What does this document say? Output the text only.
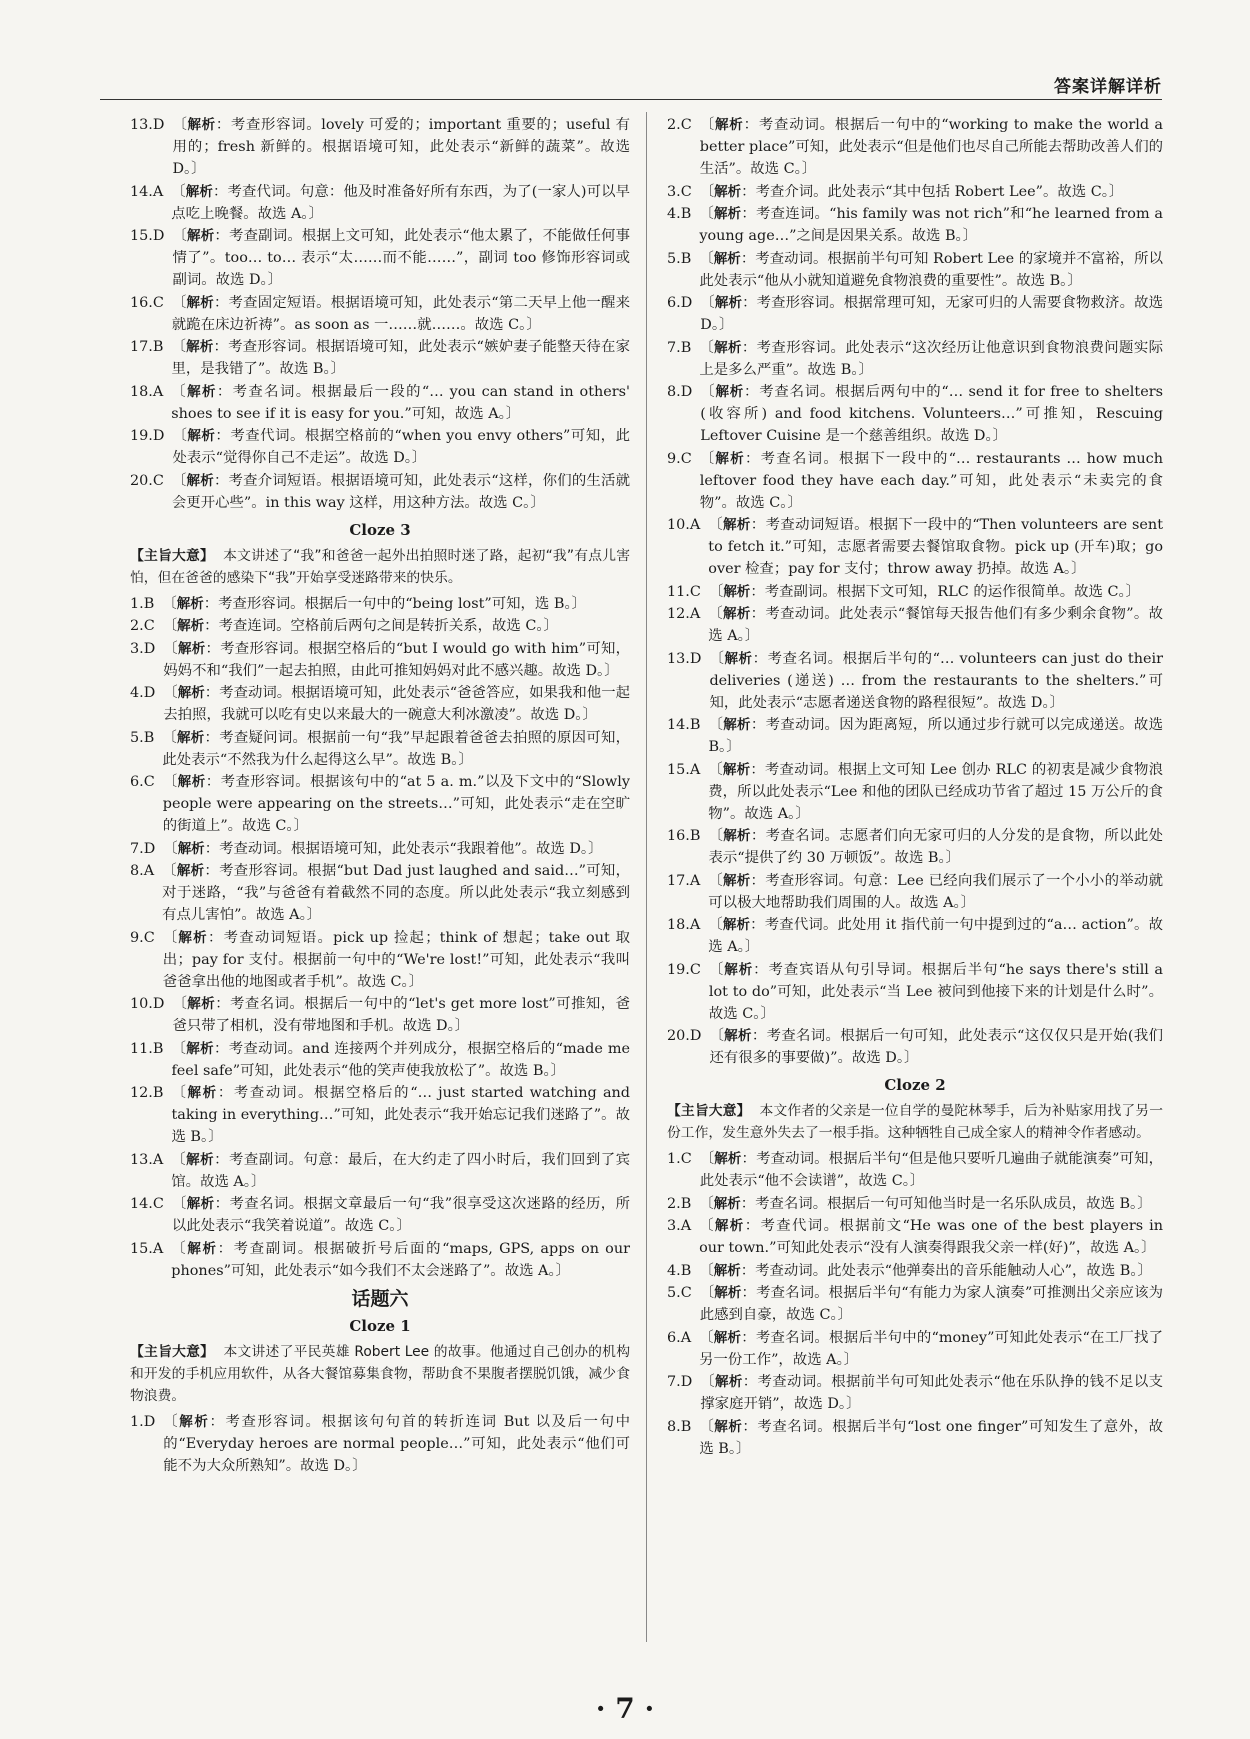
答案详解详析
13.D 〔解析：考查形容词。lovely 可爱的；important 重要的；useful 有用的；fresh 新鲜的。根据语境可知，此处表示“新鲜的蔬菜”。故选 D。〕
14.A 〔解析：考查代词。句意：他及时准备好所有东西，为了(一家人)可以早点吃上晚餐。故选 A。〕
15.D 〔解析：考查副词。根据上文可知，此处表示“他太累了，不能做任何事情了”。too… to… 表示“太……而不能……”，副词 too 修饰形容词或副词。故选 D。〕
16.C 〔解析：考查固定短语。根据语境可知，此处表示“第二天早上他一醒来就跪在床边祈祷”。as soon as 一……就……。故选 C。〕
17.B 〔解析：考查形容词。根据语境可知，此处表示“嫉妒妻子能整天待在家里，是我错了”。故选 B。〕
18.A 〔解析：考查名词。根据最后一段的“… you can stand in others' shoes to see if it is easy for you.”可知，故选 A。〕
19.D 〔解析：考查代词。根据空格前的“when you envy others”可知，此处表示“觉得你自己不走运”。故选 D。〕
20.C 〔解析：考查介词短语。根据语境可知，此处表示“这样，你们的生活就会更开心些”。in this way 这样，用这种方法。故选 C。〕
Cloze 3
【主旨大意】 本文讲述了“我”和爸爸一起外出拍照时迷了路，起初“我”有点儿害怕，但在爸爸的感染下“我”开始享受迷路带来的快乐。
1.B 〔解析：考查形容词。根据后一句中的“being lost”可知，选 B。〕
2.C 〔解析：考查连词。空格前后两句之间是转折关系，故选 C。〕
3.D 〔解析：考查形容词。根据空格后的“but I would go with him”可知，妈妈不和“我们”一起去拍照，由此可推知妈妈对此不感兴趣。故选 D。〕
4.D 〔解析：考查动词。根据语境可知，此处表示“爸爸答应，如果我和他一起去拍照，我就可以吃有史以来最大的一碗意大利冰激凌”。故选 D。〕
5.B 〔解析：考查疑问词。根据前一句“我”早起跟着爸爸去拍照的原因可知，此处表示“不然我为什么起得这么早”。故选 B。〕
6.C 〔解析：考查形容词。根据该句中的“at 5 a. m.”以及下文中的“Slowly people were appearing on the streets…”可知，此处表示“走在空旷的街道上”。故选 C。〕
7.D 〔解析：考查动词。根据语境可知，此处表示“我跟着他”。故选 D。〕
8.A 〔解析：考查形容词。根据“but Dad just laughed and said…”可知，对于迷路，“我”与爸爸有着截然不同的态度。所以此处表示“我立刻感到有点儿害怕”。故选 A。〕
9.C 〔解析：考查动词短语。pick up 捡起；think of 想起；take out 取出；pay for 支付。根据前一句中的“We're lost!”可知，此处表示“我叫爸爸拿出他的地图或者手机”。故选 C。〕
10.D 〔解析：考查名词。根据后一句中的“let's get more lost”可推知，爸爸只带了相机，没有带地图和手机。故选 D。〕
11.B 〔解析：考查动词。and 连接两个并列成分，根据空格后的“made me feel safe”可知，此处表示“他的笑声使我放松了”。故选 B。〕
12.B 〔解析：考查动词。根据空格后的“… just started watching and taking in everything…”可知，此处表示“我开始忘记我们迷路了”。故选 B。〕
13.A 〔解析：考查副词。句意：最后，在大约走了四小时后，我们回到了宾馆。故选 A。〕
14.C 〔解析：考查名词。根据文章最后一句“我”很享受这次迷路的经历，所以此处表示“我笑着说道”。故选 C。〕
15.A 〔解析：考查副词。根据破折号后面的“maps, GPS, apps on our phones”可知，此处表示“如今我们不太会迷路了”。故选 A。〕
话题六
Cloze 1
【主旨大意】 本文讲述了平民英雄 Robert Lee 的故事。他通过自己创办的机构和开发的手机应用软件，从各大餐馆募集食物，帮助食不果腹者摆脱饥饿，减少食物浪费。
1.D 〔解析：考查形容词。根据该句句首的转折连词 But 以及后一句中的“Everyday heroes are normal people…”可知，此处表示“他们可能不为大众所熟知”。故选 D。〕
2.C 〔解析：考查动词。根据后一句中的“working to make the world a better place”可知，此处表示“但是他们也尽自己所能去帮助改善人们的生活”。故选 C。〕
3.C 〔解析：考查介词。此处表示“其中包括 Robert Lee”。故选 C。〕
4.B 〔解析：考查连词。“his family was not rich”和“he learned from a young age…”之间是因果关系。故选 B。〕
5.B 〔解析：考查动词。根据前半句可知 Robert Lee 的家境并不富裕，所以此处表示“他从小就知道避免食物浪费的重要性”。故选 B。〕
6.D 〔解析：考查形容词。根据常理可知，无家可归的人需要食物救济。故选 D。〕
7.B 〔解析：考查形容词。此处表示“这次经历让他意识到食物浪费问题实际上是多么严重”。故选 B。〕
8.D 〔解析：考查名词。根据后两句中的“… send it for free to shelters (收容所) and food kitchens. Volunteers…”可推知，Rescuing Leftover Cuisine 是一个慈善组织。故选 D。〕
9.C 〔解析：考查名词。根据下一段中的“… restaurants … how much leftover food they have each day.”可知，此处表示“未卖完的食物”。故选 C。〕
10.A 〔解析：考查动词短语。根据下一段中的“Then volunteers are sent to fetch it.”可知，志愿者需要去餐馆取食物。pick up (开车)取；go over 检查；pay for 支付；throw away 扔掉。故选 A。〕
11.C 〔解析：考查副词。根据下文可知，RLC 的运作很简单。故选 C。〕
12.A 〔解析：考查动词。此处表示“餐馆每天报告他们有多少剩余食物”。故选 A。〕
13.D 〔解析：考查名词。根据后半句的“… volunteers can just do their deliveries (递送) … from the restaurants to the shelters.”可知，此处表示“志愿者递送食物的路程很短”。故选 D。〕
14.B 〔解析：考查动词。因为距离短，所以通过步行就可以完成递送。故选 B。〕
15.A 〔解析：考查动词。根据上文可知 Lee 创办 RLC 的初衷是减少食物浪费，所以此处表示“Lee 和他的团队已经成功节省了超过 15 万公斤的食物”。故选 A。〕
16.B 〔解析：考查名词。志愿者们向无家可归的人分发的是食物，所以此处表示“提供了约 30 万顿饭”。故选 B。〕
17.A 〔解析：考查形容词。句意：Lee 已经向我们展示了一个小小的举动就可以极大地帮助我们周围的人。故选 A。〕
18.A 〔解析：考查代词。此处用 it 指代前一句中提到过的“a… action”。故选 A。〕
19.C 〔解析：考查宾语从句引导词。根据后半句“he says there's still a lot to do”可知，此处表示“当 Lee 被问到他接下来的计划是什么时”。故选 C。〕
20.D 〔解析：考查名词。根据后一句可知，此处表示“这仅仅只是开始(我们还有很多的事要做)”。故选 D。〕
Cloze 2
【主旨大意】 本文作者的父亲是一位自学的曼陀林琴手，后为补贴家用找了另一份工作，发生意外失去了一根手指。这种牺牲自己成全家人的精神令作者感动。
1.C 〔解析：考查动词。根据后半句“但是他只要听几遍曲子就能演奏”可知，此处表示“他不会读谱”，故选 C。〕
2.B 〔解析：考查名词。根据后一句可知他当时是一名乐队成员，故选 B。〕
3.A 〔解析：考查代词。根据前文“He was one of the best players in our town.”可知此处表示“没有人演奏得跟我父亲一样(好)”，故选 A。〕
4.B 〔解析：考查动词。此处表示“他弹奏出的音乐能触动人心”，故选 B。〕
5.C 〔解析：考查名词。根据后半句“有能力为家人演奏”可推测出父亲应该为此感到自豪，故选 C。〕
6.A 〔解析：考查名词。根据后半句中的“money”可知此处表示“在工厂找了另一份工作”，故选 A。〕
7.D 〔解析：考查动词。根据前半句可知此处表示“他在乐队挣的钱不足以支撑家庭开销”，故选 D。〕
8.B 〔解析：考查名词。根据后半句“lost one finger”可知发生了意外，故选 B。〕
· 7 ·
